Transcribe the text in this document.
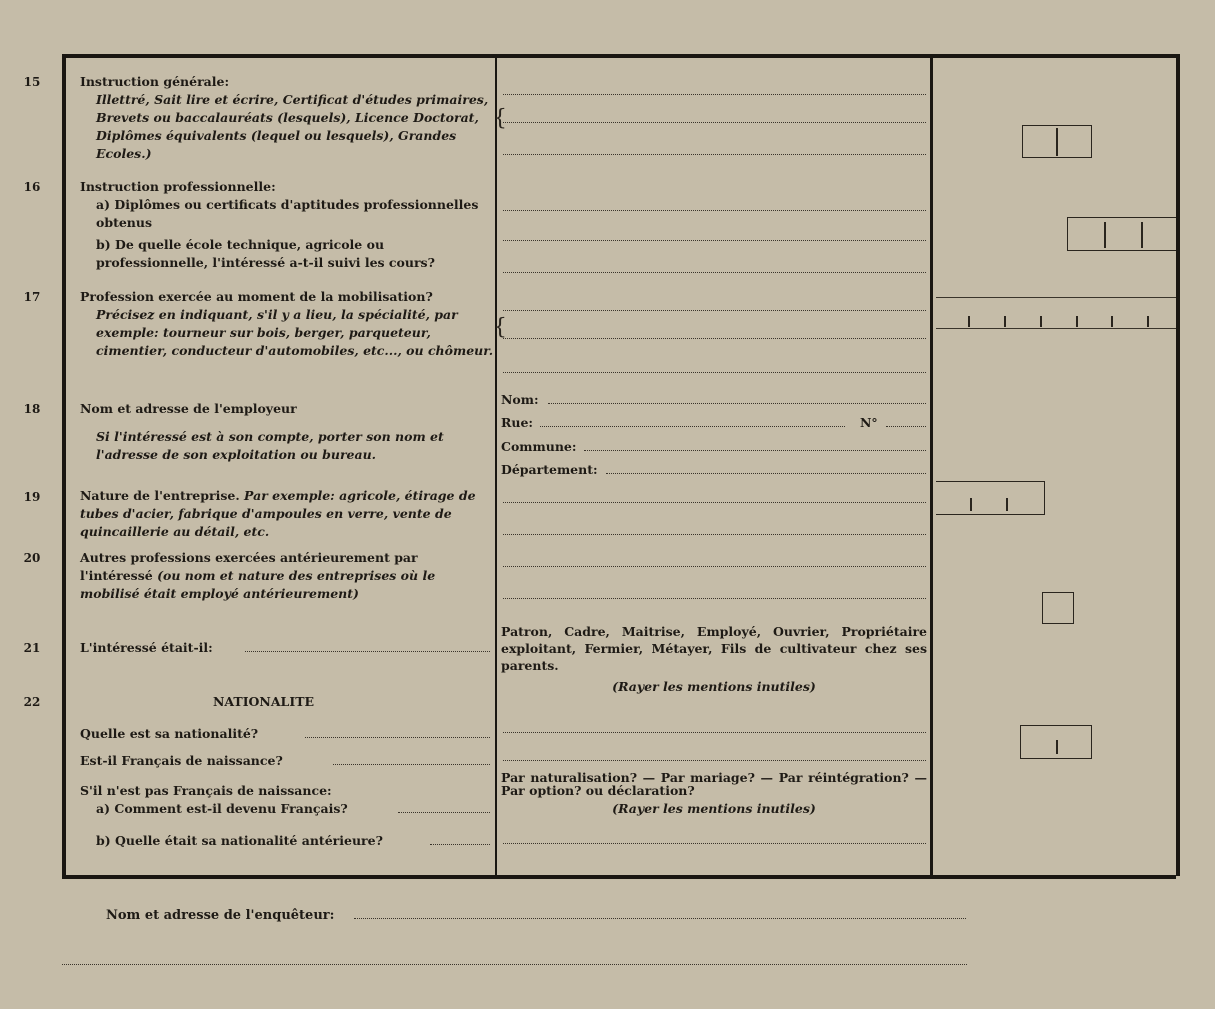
15	Instruction générale:
Illettré, Sait lire et écrire, Certificat d'études primaires, Brevets ou baccalauréats (lesquels), Licence Doctorat, Diplômes équivalents (lequel ou lesquels), Grandes Ecoles.)
16	Instruction professionnelle:
a) Diplômes ou certificats d'aptitudes professionnelles obtenus
b) De quelle école technique, agricole ou professionnelle, l'intéressé a-t-il suivi les cours?
17	Profession exercée au moment de la mobilisation?
Précisez en indiquant, s'il y a lieu, la spécialité, par exemple: tourneur sur bois, berger, parqueteur, cimentier, conducteur d'automobiles, etc..., ou chômeur.
18	Nom et adresse de l'employeur
Si l'intéressé est à son compte, porter son nom et l'adresse de son exploitation ou bureau.
Nom:
Rue:	N°
Commune:
Département:
19	Nature de l'entreprise. Par exemple: agricole, étirage de tubes d'acier, fabrique d'ampoules en verre, vente de quincaillerie au détail, etc.
20	Autres professions exercées antérieurement par l'intéressé (ou nom et nature des entreprises où le mobilisé était employé antérieurement)
21	L'intéressé était-il:
Patron, Cadre, Maitrise, Employé, Ouvrier, Propriétaire exploitant, Fermier, Métayer, Fils de cultivateur chez ses parents.
(Rayer les mentions inutiles)
22	NATIONALITE
Quelle est sa nationalité?
Est-il Français de naissance?
S'il n'est pas Français de naissance:
a) Comment est-il devenu Français?
b) Quelle était sa nationalité antérieure?
Par naturalisation? — Par mariage? — Par réintégration? — Par option? ou déclaration?
(Rayer les mentions inutiles)
{
{
Nom et adresse de l'enquêteur:
